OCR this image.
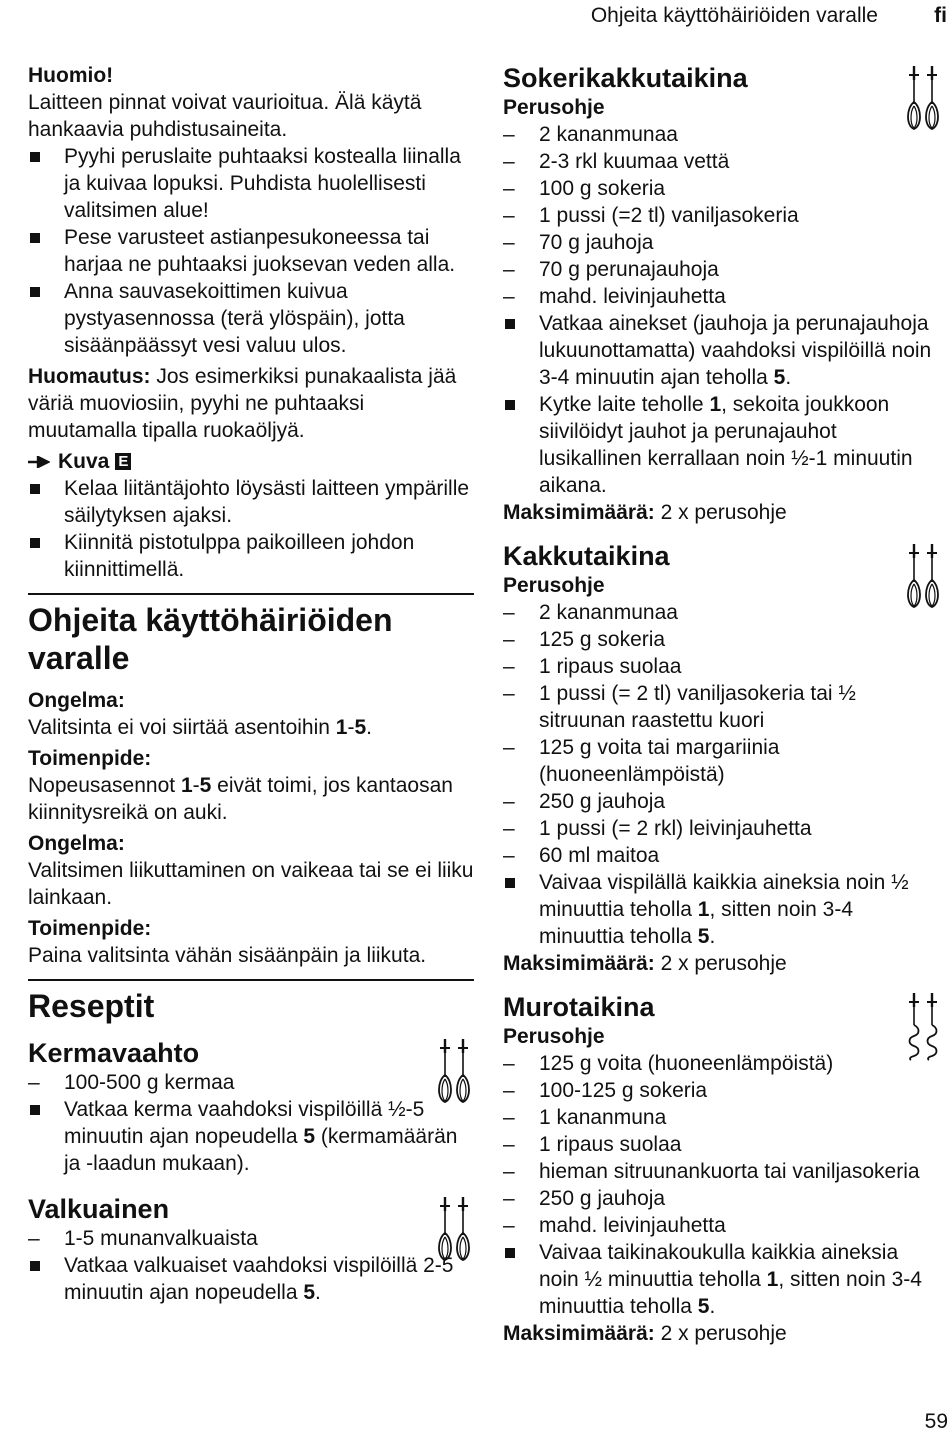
Ohjeita käyttöhäiriöiden varalle	fi

Huomio!

Laitteen pinnat voivat vaurioitua. Älä käytä hankaavia puhdistusaineita.

Pyyhi peruslaite puhtaaksi kostealla liinalla ja kuivaa lopuksi. Puhdista huolellisesti valitsimen alue!
Pese varusteet astianpesukoneessa tai harjaa ne puhtaaksi juoksevan veden alla.
Anna sauvasekoittimen kuivua pystyasennossa (terä ylöspäin), jotta sisäänpäässyt vesi valuu ulos.

Huomautus: Jos esimerkiksi punakaalista jää väriä muoviosiin, pyyhi ne puhtaaksi muutamalla tipalla ruokaöljyä.

Kuva E
Kelaa liitäntäjohto löysästi laitteen ympärille säilytyksen ajaksi.
Kiinnitä pistotulppa paikoilleen johdon kiinnittimellä.
Ohjeita käyttöhäiriöiden varalle

Ongelma:

Valitsinta ei voi siirtää asentoihin 1-5.

Toimenpide:

Nopeusasennot 1-5 eivät toimi, jos kantaosan kiinnitysreikä on auki.

Ongelma:

Valitsimen liikuttaminen on vaikeaa tai se ei liiku lainkaan.

Toimenpide:

Paina valitsinta vähän sisäänpäin ja liikuta.

Reseptit
Kermavaahto
– 100-500 g kermaa
Vatkaa kerma vaahdoksi vispilöillä ½-5 minuutin ajan nopeudella 5 (kermamäärän ja -laadun mukaan).
Valkuainen
– 1-5 munanvalkuaista
Vatkaa valkuaiset vaahdoksi vispilöillä 2-5 minuutin ajan nopeudella 5.
Sokerikakkutaikina

Perusohje

– 2 kananmunaa
– 2-3 rkl kuumaa vettä
– 100 g sokeria
– 1 pussi (=2 tl) vaniljasokeria
– 70 g jauhoja
– 70 g perunajauhoja
– mahd. leivinjauhetta
Vatkaa ainekset (jauhoja ja perunajauhoja lukuunottamatta) vaahdoksi vispilöillä noin 3-4 minuutin ajan teholla 5.
Kytke laite teholle 1, sekoita joukkoon siivilöidyt jauhot ja perunajauhot lusikallinen kerrallaan noin ½-1 minuutin aikana.

Maksimimäärä: 2 x perusohje

Kakkutaikina

Perusohje

– 2 kananmunaa
– 125 g sokeria
– 1 ripaus suolaa
– 1 pussi (= 2 tl) vaniljasokeria tai ½ sitruunan raastettu kuori
– 125 g voita tai margariinia (huoneenlämpöistä)
– 250 g jauhoja
– 1 pussi (= 2 rkl) leivinjauhetta
– 60 ml maitoa
Vaivaa vispilällä kaikkia aineksia noin ½ minuuttia teholla 1, sitten noin 3-4 minuuttia teholla 5.

Maksimimäärä: 2 x perusohje

Murotaikina

Perusohje

– 125 g voita (huoneenlämpöistä)
– 100-125 g sokeria
– 1 kananmuna
– 1 ripaus suolaa
– hieman sitruunankuorta tai vaniljasokeria
– 250 g jauhoja
– mahd. leivinjauhetta
Vaivaa taikinakoukulla kaikkia aineksia noin ½ minuuttia teholla 1, sitten noin 3-4 minuuttia teholla 5.

Maksimimäärä: 2 x perusohje

59
